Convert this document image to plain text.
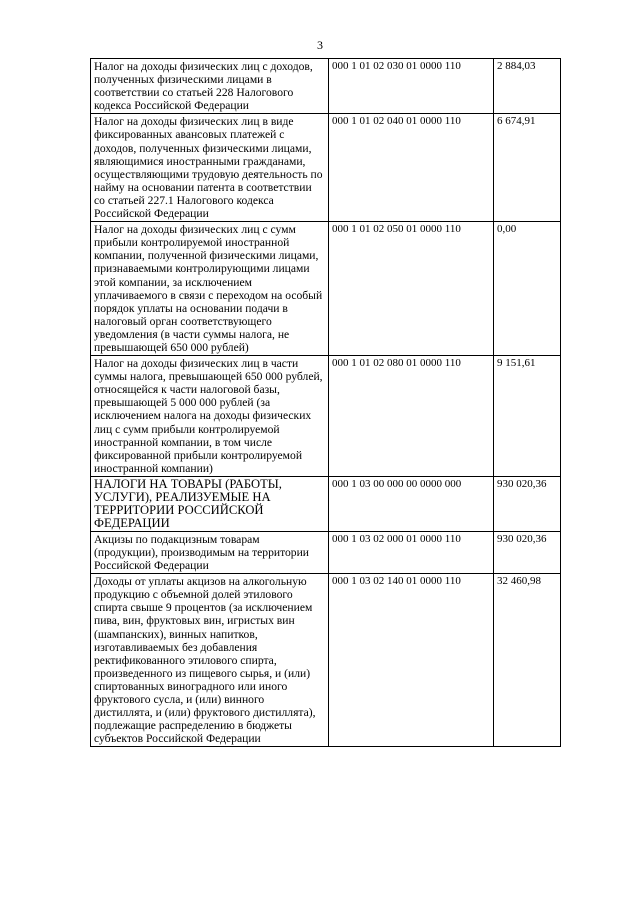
3
Налог на доходы физических лиц с доходов, полученных физическими лицами в соответствии со статьей 228 Налогового кодекса Российской Федерации	000 1 01 02 030 01 0000 110	2 884,03
Налог на доходы физических лиц в виде фиксированных авансовых платежей с доходов, полученных физическими лицами, являющимися иностранными гражданами, осуществляющими трудовую деятельность по найму на основании патента в соответствии со статьей 227.1 Налогового кодекса Российской Федерации	000 1 01 02 040 01 0000 110	6 674,91
Налог на доходы физических лиц с сумм прибыли контролируемой иностранной компании, полученной физическими лицами, признаваемыми контролирующими лицами этой компании, за исключением уплачиваемого в связи с переходом на особый порядок уплаты на основании подачи в налоговый орган соответствующего уведомления (в части суммы налога, не превышающей 650 000 рублей)	000 1 01 02 050 01 0000 110	0,00
Налог на доходы физических лиц в части суммы налога, превышающей 650 000 рублей, относящейся к части налоговой базы, превышающей 5 000 000 рублей (за исключением налога на доходы физических лиц с сумм прибыли контролируемой иностранной компании, в том числе фиксированной прибыли контролируемой иностранной компании)	000 1 01 02 080 01 0000 110	9 151,61
НАЛОГИ НА ТОВАРЫ (РАБОТЫ, УСЛУГИ), РЕАЛИЗУЕМЫЕ НА ТЕРРИТОРИИ РОССИЙСКОЙ ФЕДЕРАЦИИ	000 1 03 00 000 00 0000 000	930 020,36
Акцизы по подакцизным товарам (продукции), производимым на территории Российской Федерации	000 1 03 02 000 01 0000 110	930 020,36
Доходы от уплаты акцизов на алкогольную продукцию с объемной долей этилового спирта свыше 9 процентов (за исключением пива, вин, фруктовых вин, игристых вин (шампанских), винных напитков, изготавливаемых без добавления ректификованного этилового спирта, произведенного из пищевого сырья, и (или) спиртованных виноградного или иного фруктового сусла, и (или) винного дистиллята, и (или) фруктового дистиллята), подлежащие распределению в бюджеты субъектов Российской Федерации	000 1 03 02 140 01 0000 110	32 460,98
